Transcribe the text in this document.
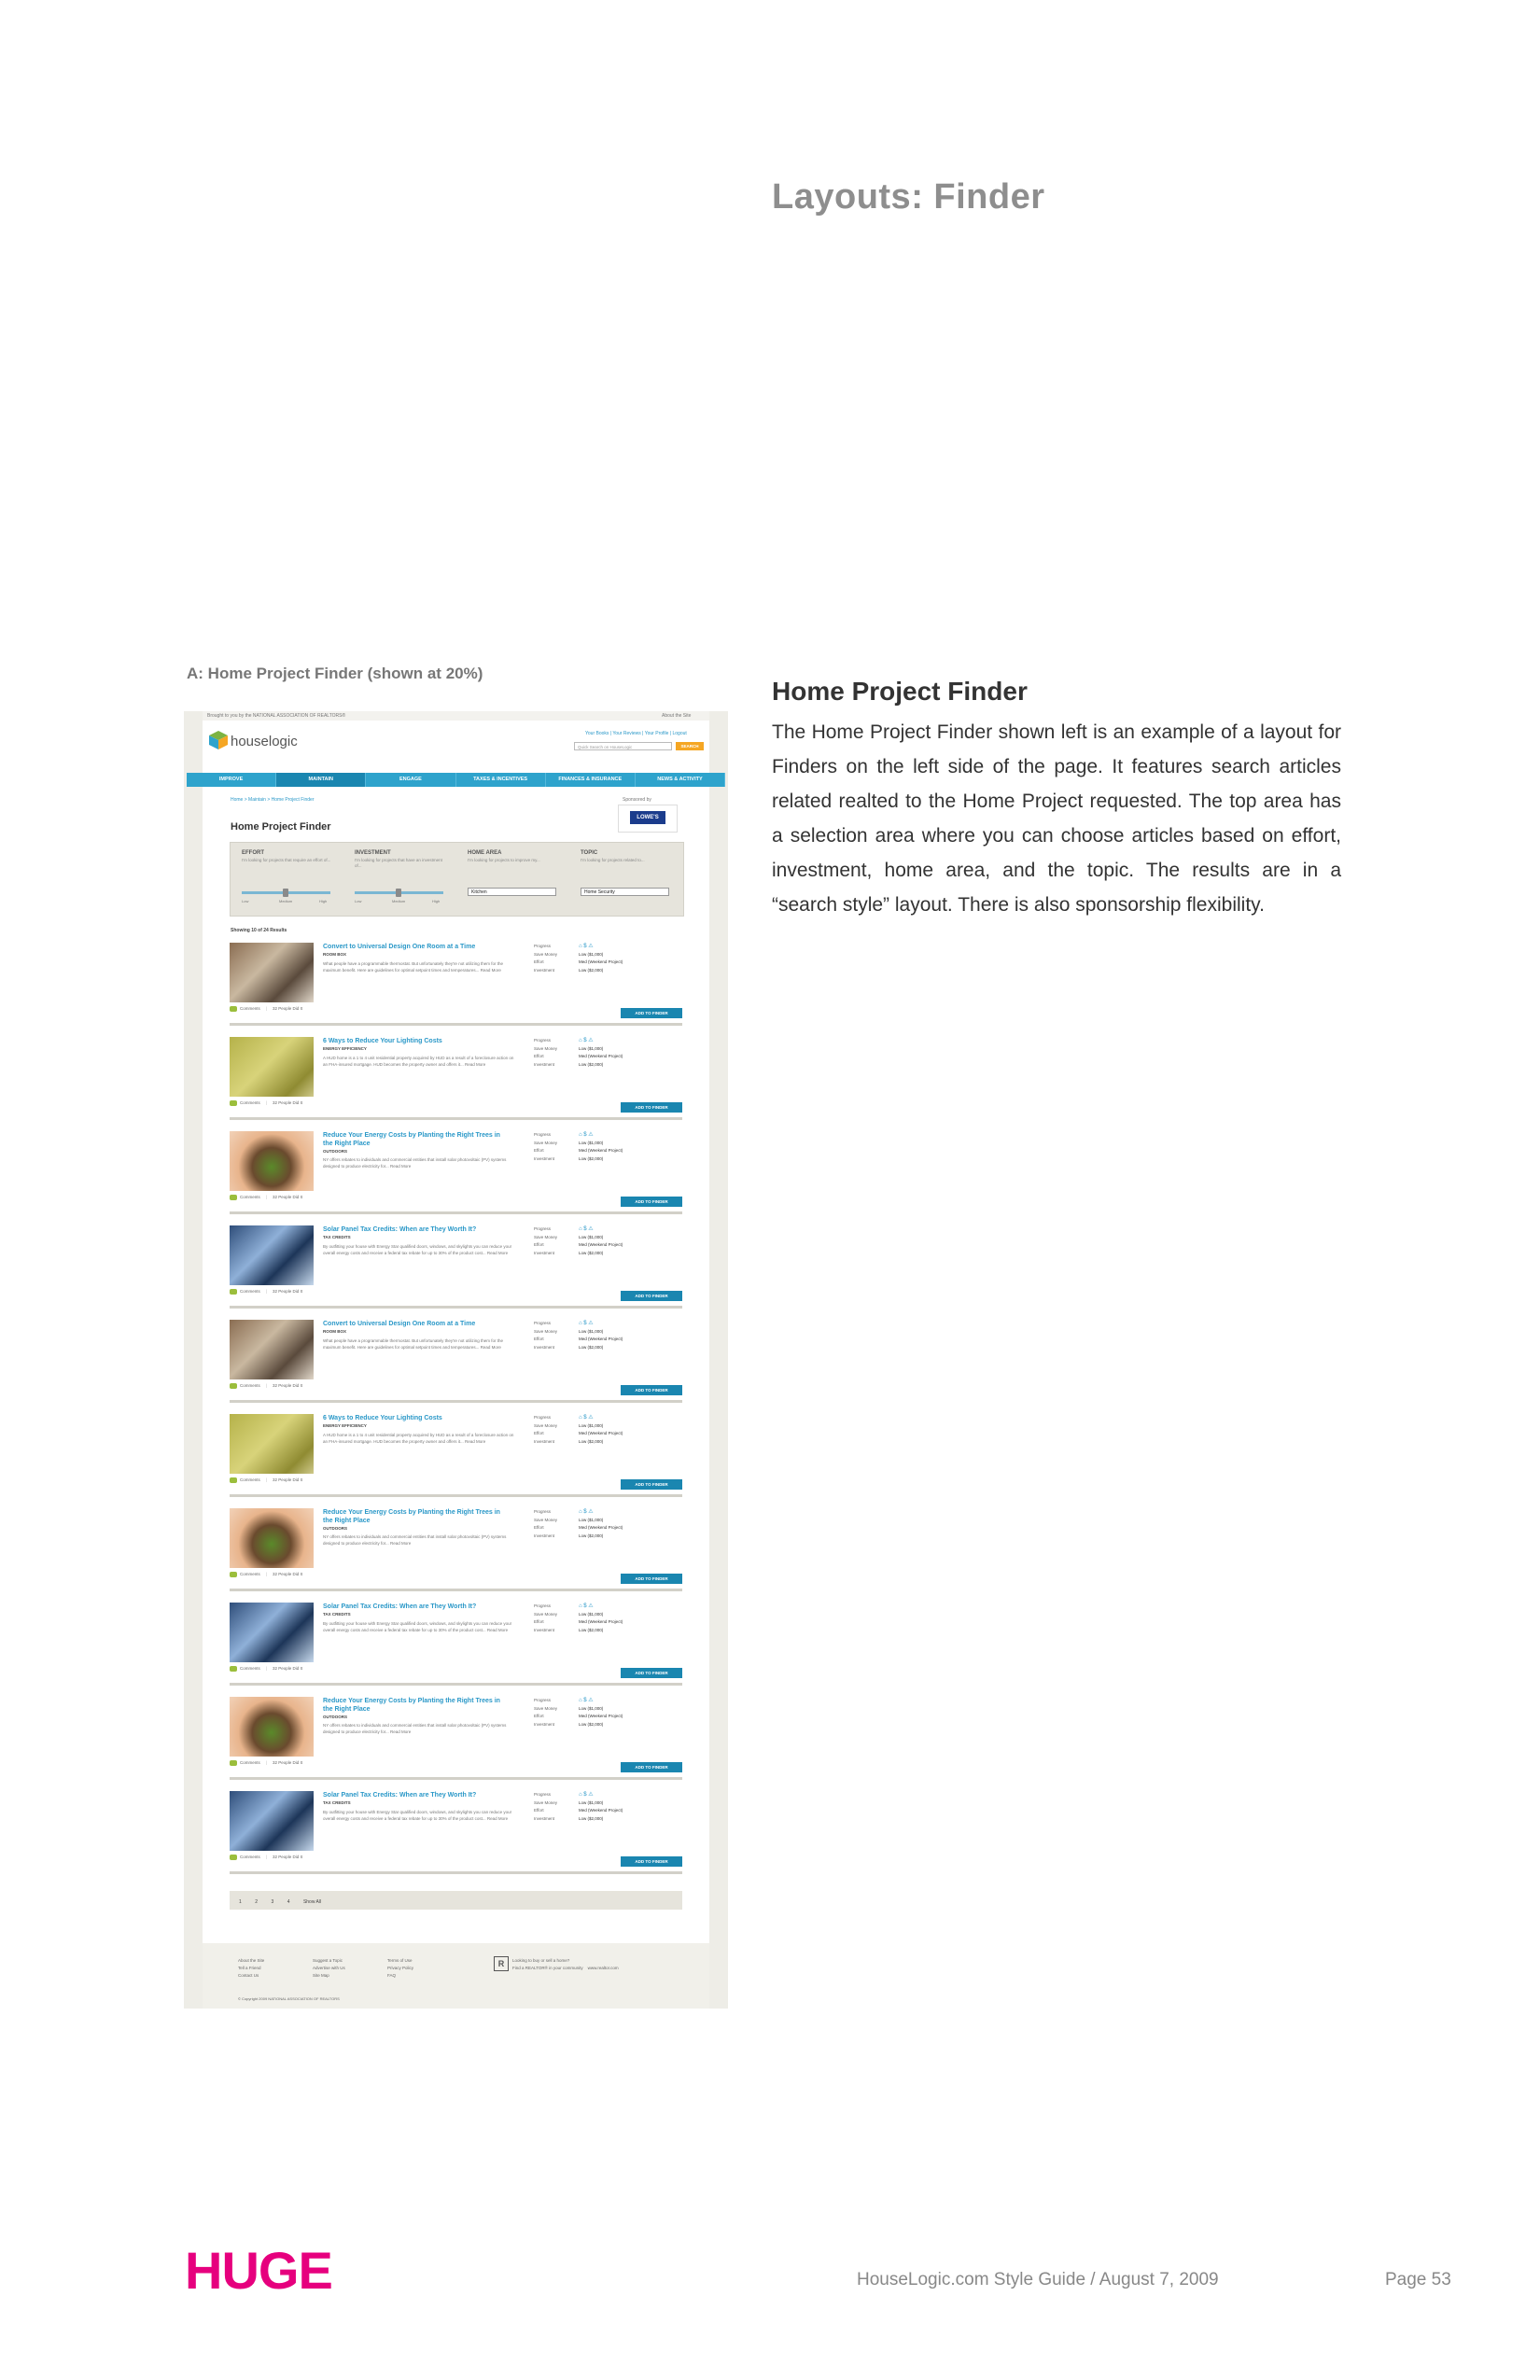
Layouts: Finder
A: Home Project Finder (shown at 20%)
Home Project Finder
The Home Project Finder shown left is an example of a layout for Finders on the left side of the page. It features search articles related realted to the Home Project requested. The top area has a selection area where you can choose articles based on effort, investment, home area, and the topic. The results are in a “search style” layout. There is also sponsorship flexibility.
Brought to you by the NATIONAL ASSOCIATION OF REALTORS®	About the Site
houselogic	Your Books | Your Reviews | Your Profile | Logout
Quick Search on HouseLogic	SEARCH
IMPROVE	MAINTAIN	ENGAGE	TAXES & INCENTIVES	FINANCES & INSURANCE	NEWS & ACTIVITY
Home > Maintain > Home Project Finder
Home Project Finder
Sponsored by
LOWE'S
EFFORT
I'm looking for projects that require an effort of...
Low	Medium	High
INVESTMENT
I'm looking for projects that have an investment of...
Low	Medium	High
HOME AREA
I'm looking for projects to improve my...
Kitchen
TOPIC
I'm looking for projects related to...
Home Security
Showing 10 of 24 Results
Convert to Universal Design One Room at a Time
ROOM BOX
What people have a programmable thermostat. But unfortunately they're not utilizing them for the maximum benefit. Here are guidelines for optimal setpoint times and temperatures... Read More
Progress	⌂ $ ⚠
Save Money	Low ($1,000)
Effort	Med (Weekend Project)
Investment	Low ($2,000)
Comments | 32 People Did It
ADD TO FINDER
6 Ways to Reduce Your Lighting Costs
ENERGY EFFICIENCY
A HUD home is a 1 to 4 unit residential property acquired by HUD as a result of a foreclosure action on an FHA-insured mortgage. HUD becomes the property owner and offers it... Read More
Progress	⌂ $ ⚠
Save Money	Low ($1,000)
Effort	Med (Weekend Project)
Investment	Low ($2,000)
Comments | 32 People Did It
ADD TO FINDER
Reduce Your Energy Costs by Planting the Right Trees in the Right Place
OUTDOORS
NY offers rebates to individuals and commercial entities that install solar photovoltaic (PV) systems designed to produce electricity for... Read More
Progress	⌂ $ ⚠
Save Money	Low ($1,000)
Effort	Med (Weekend Project)
Investment	Low ($2,000)
Comments | 32 People Did It
ADD TO FINDER
Solar Panel Tax Credits: When are They Worth It?
TAX CREDITS
By outfitting your house with Energy Star qualified doors, windows, and skylights you can reduce your overall energy costs and receive a federal tax rebate for up to 30% of the product cost... Read More
Progress	⌂ $ ⚠
Save Money	Low ($1,000)
Effort	Med (Weekend Project)
Investment	Low ($2,000)
Comments | 32 People Did It
ADD TO FINDER
Convert to Universal Design One Room at a Time
ROOM BOX
What people have a programmable thermostat. But unfortunately they're not utilizing them for the maximum benefit. Here are guidelines for optimal setpoint times and temperatures... Read More
Progress	⌂ $ ⚠
Save Money	Low ($1,000)
Effort	Med (Weekend Project)
Investment	Low ($2,000)
Comments | 32 People Did It
ADD TO FINDER
6 Ways to Reduce Your Lighting Costs
ENERGY EFFICIENCY
A HUD home is a 1 to 4 unit residential property acquired by HUD as a result of a foreclosure action on an FHA-insured mortgage. HUD becomes the property owner and offers it... Read More
Progress	⌂ $ ⚠
Save Money	Low ($1,000)
Effort	Med (Weekend Project)
Investment	Low ($2,000)
Comments | 32 People Did It
ADD TO FINDER
Reduce Your Energy Costs by Planting the Right Trees in the Right Place
OUTDOORS
NY offers rebates to individuals and commercial entities that install solar photovoltaic (PV) systems designed to produce electricity for... Read More
Progress	⌂ $ ⚠
Save Money	Low ($1,000)
Effort	Med (Weekend Project)
Investment	Low ($2,000)
Comments | 32 People Did It
ADD TO FINDER
Solar Panel Tax Credits: When are They Worth It?
TAX CREDITS
By outfitting your house with Energy Star qualified doors, windows, and skylights you can reduce your overall energy costs and receive a federal tax rebate for up to 30% of the product cost... Read More
Progress	⌂ $ ⚠
Save Money	Low ($1,000)
Effort	Med (Weekend Project)
Investment	Low ($2,000)
Comments | 32 People Did It
ADD TO FINDER
Reduce Your Energy Costs by Planting the Right Trees in the Right Place
OUTDOORS
NY offers rebates to individuals and commercial entities that install solar photovoltaic (PV) systems designed to produce electricity for... Read More
Progress	⌂ $ ⚠
Save Money	Low ($1,000)
Effort	Med (Weekend Project)
Investment	Low ($2,000)
Comments | 32 People Did It
ADD TO FINDER
Solar Panel Tax Credits: When are They Worth It?
TAX CREDITS
By outfitting your house with Energy Star qualified doors, windows, and skylights you can reduce your overall energy costs and receive a federal tax rebate for up to 30% of the product cost... Read More
Progress	⌂ $ ⚠
Save Money	Low ($1,000)
Effort	Med (Weekend Project)
Investment	Low ($2,000)
Comments | 32 People Did It
ADD TO FINDER
1	2	3	4	Show All
About the Site
Tell a Friend
Contact Us
Suggest a Topic
Advertise with Us
Site Map
Terms of Use
Privacy Policy
FAQ
R	Looking to buy or sell a home?
Find a REALTOR® in your community    www.realtor.com
© Copyright 2009 NATIONAL ASSOCIATION OF REALTORS
HUGE	HouseLogic.com Style Guide / August 7, 2009	Page 53
